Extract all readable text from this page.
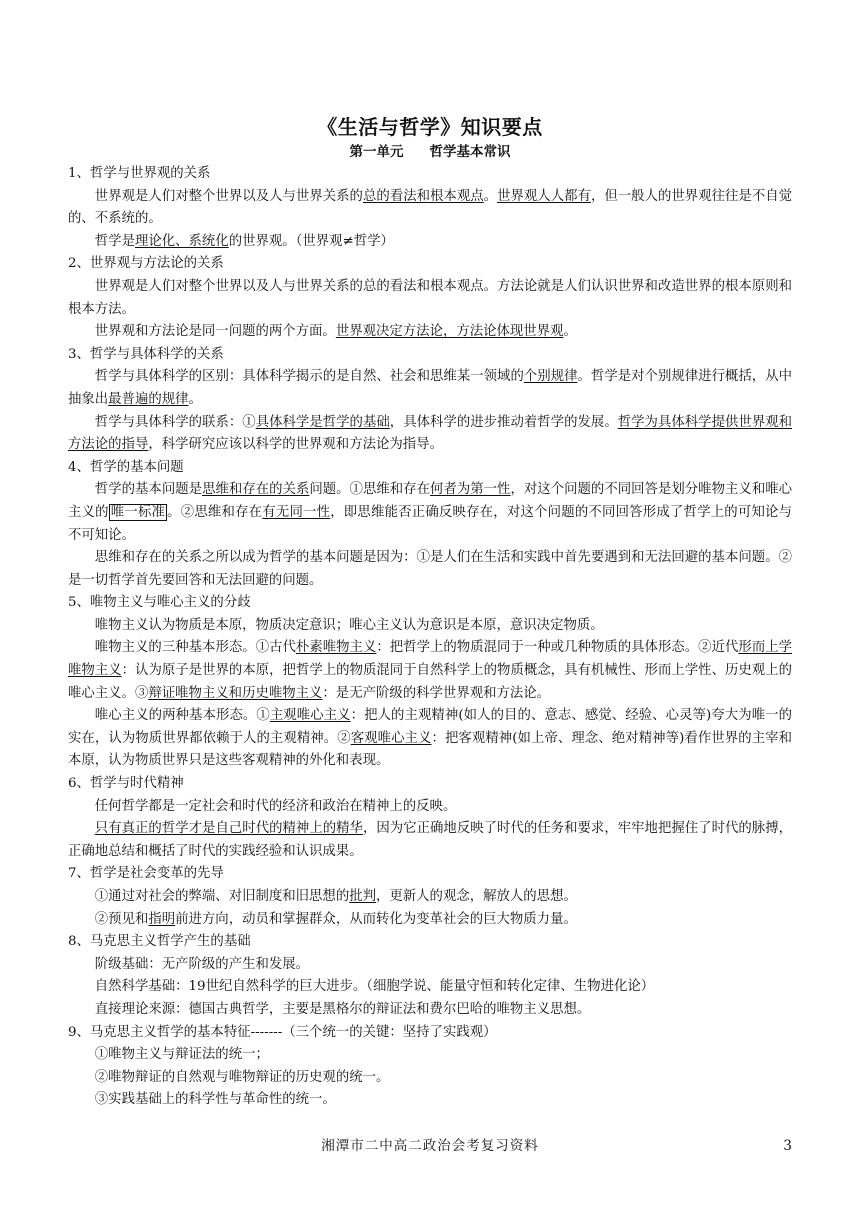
《生活与哲学》知识要点
第一单元 哲学基本常识
1、哲学与世界观的关系

世界观是人们对整个世界以及人与世界关系的总的看法和根本观点。世界观人人都有，但一般人的世界观往往是不自觉的、不系统的。

哲学是理论化、系统化的世界观。（世界观≠哲学）

2、世界观与方法论的关系

世界观是人们对整个世界以及人与世界关系的总的看法和根本观点。方法论就是人们认识世界和改造世界的根本原则和根本方法。

世界观和方法论是同一问题的两个方面。世界观决定方法论，方法论体现世界观。

3、哲学与具体科学的关系

哲学与具体科学的区别：具体科学揭示的是自然、社会和思维某一领域的个别规律。哲学是对个别规律进行概括，从中抽象出最普遍的规律。

哲学与具体科学的联系：①具体科学是哲学的基础，具体科学的进步推动着哲学的发展。哲学为具体科学提供世界观和方法论的指导，科学研究应该以科学的世界观和方法论为指导。

4、哲学的基本问题

哲学的基本问题是思维和存在的关系问题。①思维和存在何者为第一性，对这个问题的不同回答是划分唯物主义和唯心主义的 唯一标准 。②思维和存在有无同一性，即思维能否正确反映存在，对这个问题的不同回答形成了哲学上的可知论与不可知论。

思维和存在的关系之所以成为哲学的基本问题是因为：①是人们在生活和实践中首先要遇到和无法回避的基本问题。②是一切哲学首先要回答和无法回避的问题。

5、唯物主义与唯心主义的分歧

唯物主义认为物质是本原，物质决定意识；唯心主义认为意识是本原，意识决定物质。

唯物主义的三种基本形态。①古代朴素唯物主义：把哲学上的物质混同于一种或几种物质的具体形态。②近代形而上学唯物主义：认为原子是世界的本原，把哲学上的物质混同于自然科学上的物质概念，具有机械性、形而上学性、历史观上的唯心主义。③辩证唯物主义和历史唯物主义：是无产阶级的科学世界观和方法论。

唯心主义的两种基本形态。①主观唯心主义：把人的主观精神(如人的目的、意志、感觉、经验、心灵等)夸大为唯一的实在，认为物质世界都依赖于人的主观精神。②客观唯心主义：把客观精神(如上帝、理念、绝对精神等)看作世界的主宰和本原，认为物质世界只是这些客观精神的外化和表现。

6、哲学与时代精神

任何哲学都是一定社会和时代的经济和政治在精神上的反映。

只有真正的哲学才是自己时代的精神上的精华，因为它正确地反映了时代的任务和要求，牢牢地把握住了时代的脉搏，正确地总结和概括了时代的实践经验和认识成果。

7、哲学是社会变革的先导

①通过对社会的弊端、对旧制度和旧思想的批判，更新人的观念，解放人的思想。

②预见和指明前进方向，动员和掌握群众，从而转化为变革社会的巨大物质力量。

8、马克思主义哲学产生的基础

阶级基础：无产阶级的产生和发展。

自然科学基础：19世纪自然科学的巨大进步。（细胞学说、能量守恒和转化定律、生物进化论）

直接理论来源：德国古典哲学，主要是黑格尔的辩证法和费尔巴哈的唯物主义思想。

9、马克思主义哲学的基本特征-------（三个统一的关键：坚持了实践观）

①唯物主义与辩证法的统一；

②唯物辩证的自然观与唯物辩证的历史观的统一。

③实践基础上的科学性与革命性的统一。

湘潭市二中高二政治会考复习资料	3
